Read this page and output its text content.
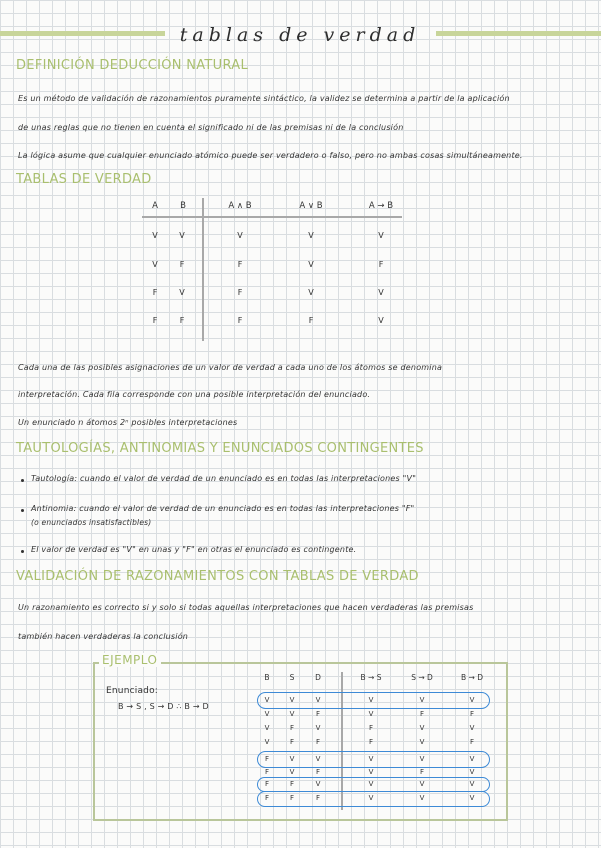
tablas de verdad
DEFINICIÓN DEDUCCIÓN NATURAL
Es un método de validación de razonamientos puramente sintáctico, la validez se determina a partir de la aplicación
de unas reglas que no tienen en cuenta el significado ni de las premisas ni de la conclusión
La lógica asume que cualquier enunciado atómico puede ser verdadero o falso, pero no ambas cosas simultáneamente.
TABLAS DE VERDAD
A	B	A ∧ B	A ∨ B	A → B
V	V	V	V	V
V	F	F	V	F
F	V	F	V	V
F	F	F	F	V
Cada una de las posibles asignaciones de un valor de verdad a cada uno de los átomos se denomina
interpretación. Cada fila corresponde con una posible interpretación del enunciado.
Un enunciado n átomos 2ⁿ posibles interpretaciones
TAUTOLOGÍAS, ANTINOMIAS Y ENUNCIADOS CONTINGENTES
Tautología: cuando el valor de verdad de un enunciado es en todas las interpretaciones "V"
Antinomia: cuando el valor de verdad de un enunciado es en todas las interpretaciones "F"
(o enunciados insatisfactibles)
El valor de verdad es "V" en unas y "F" en otras el enunciado es contingente.
VALIDACIÓN DE RAZONAMIENTOS CON TABLAS DE VERDAD
Un razonamiento es correcto si y solo si todas aquellas interpretaciones que hacen verdaderas las premisas
también hacen verdaderas la conclusión
EJEMPLO
Enunciado:
B → S , S → D ∴ B → D
B	S	D	B → S	S → D	B → D
V	V	V	V	V	V
V	V	F	V	F	F
V	F	V	F	V	V
V	F	F	F	V	F
F	V	V	V	V	V
F	V	F	V	F	V
F	F	V	V	V	V
F	F	F	V	V	V
